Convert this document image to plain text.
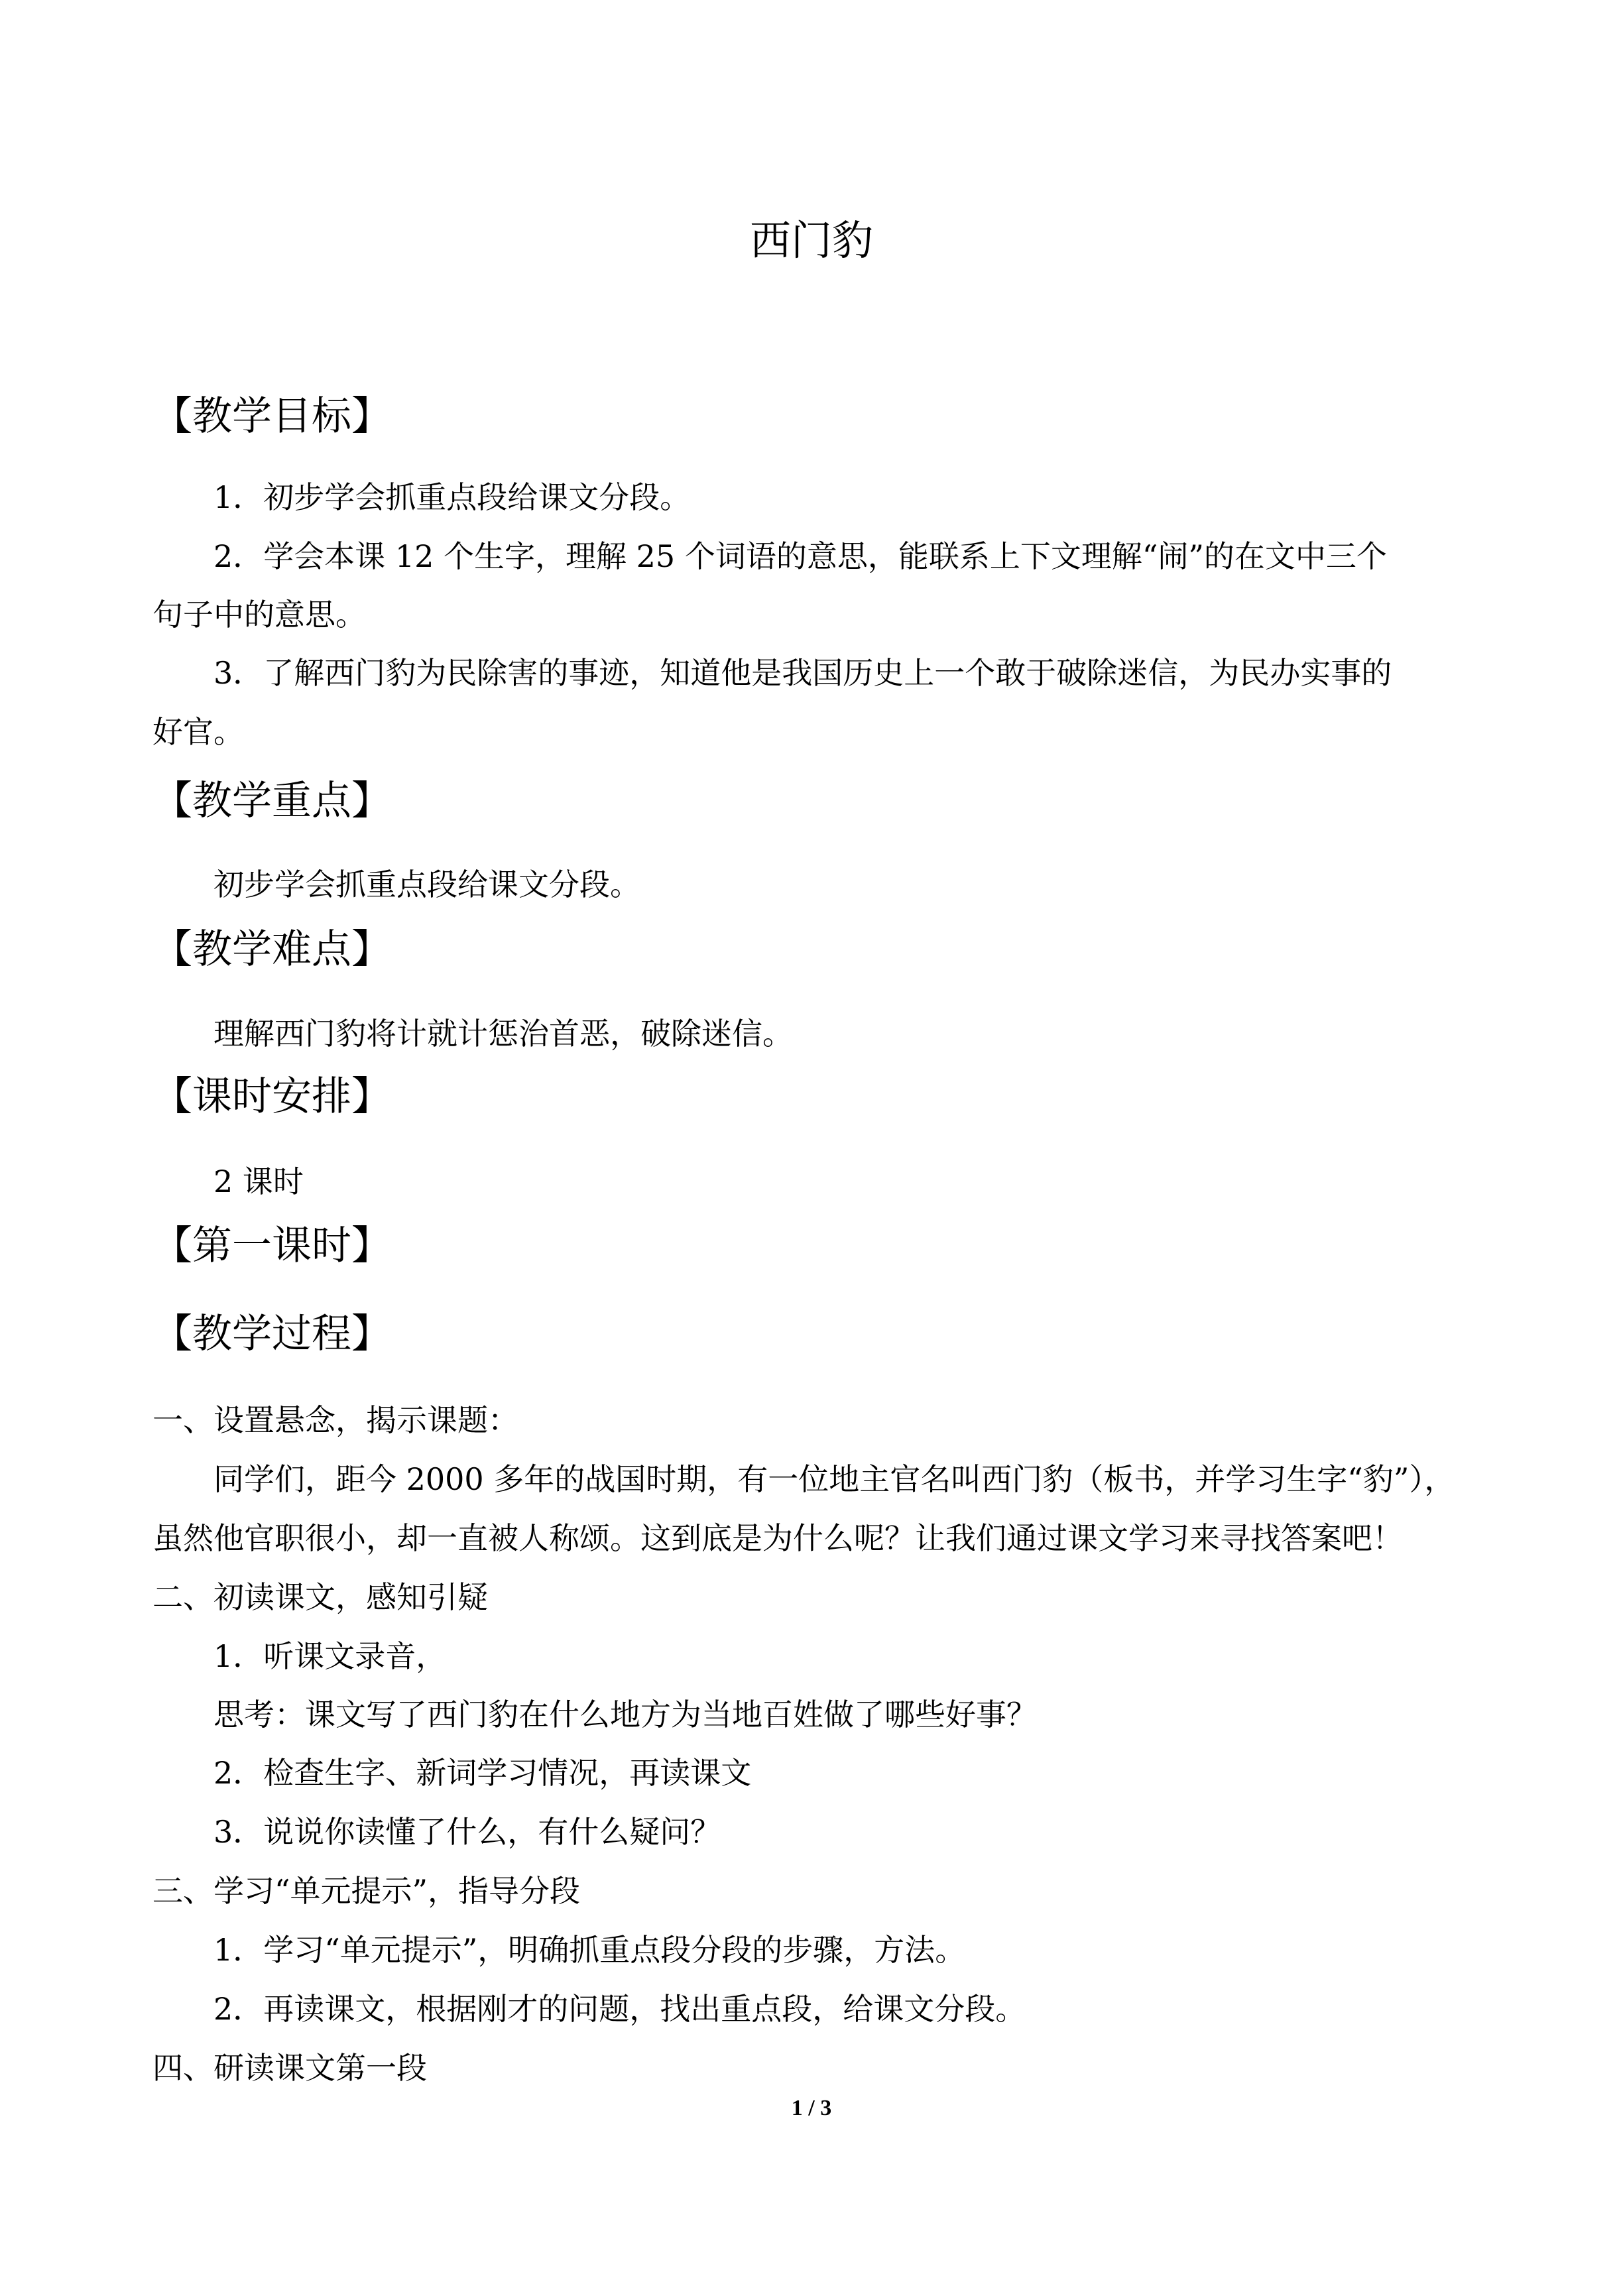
西门豹
【教学目标】
1．初步学会抓重点段给课文分段。
2．学会本课 12 个生字，理解 25 个词语的意思，能联系上下文理解“闹”的在文中三个
句子中的意思。
3．了解西门豹为民除害的事迹，知道他是我国历史上一个敢于破除迷信，为民办实事的
好官。
【教学重点】
初步学会抓重点段给课文分段。
【教学难点】
理解西门豹将计就计惩治首恶，破除迷信。
【课时安排】
2 课时
【第一课时】
【教学过程】
一、设置悬念，揭示课题：
同学们，距今 2000 多年的战国时期，有一位地主官名叫西门豹（板书，并学习生字“豹”），
虽然他官职很小，却一直被人称颂。这到底是为什么呢？让我们通过课文学习来寻找答案吧！
二、初读课文，感知引疑
1．听课文录音，
思考：课文写了西门豹在什么地方为当地百姓做了哪些好事？
2．检查生字、新词学习情况，再读课文
3．说说你读懂了什么，有什么疑问？
三、学习“单元提示”，指导分段
1．学习“单元提示”，明确抓重点段分段的步骤，方法。
2．再读课文，根据刚才的问题，找出重点段，给课文分段。
四、研读课文第一段
1 / 3
